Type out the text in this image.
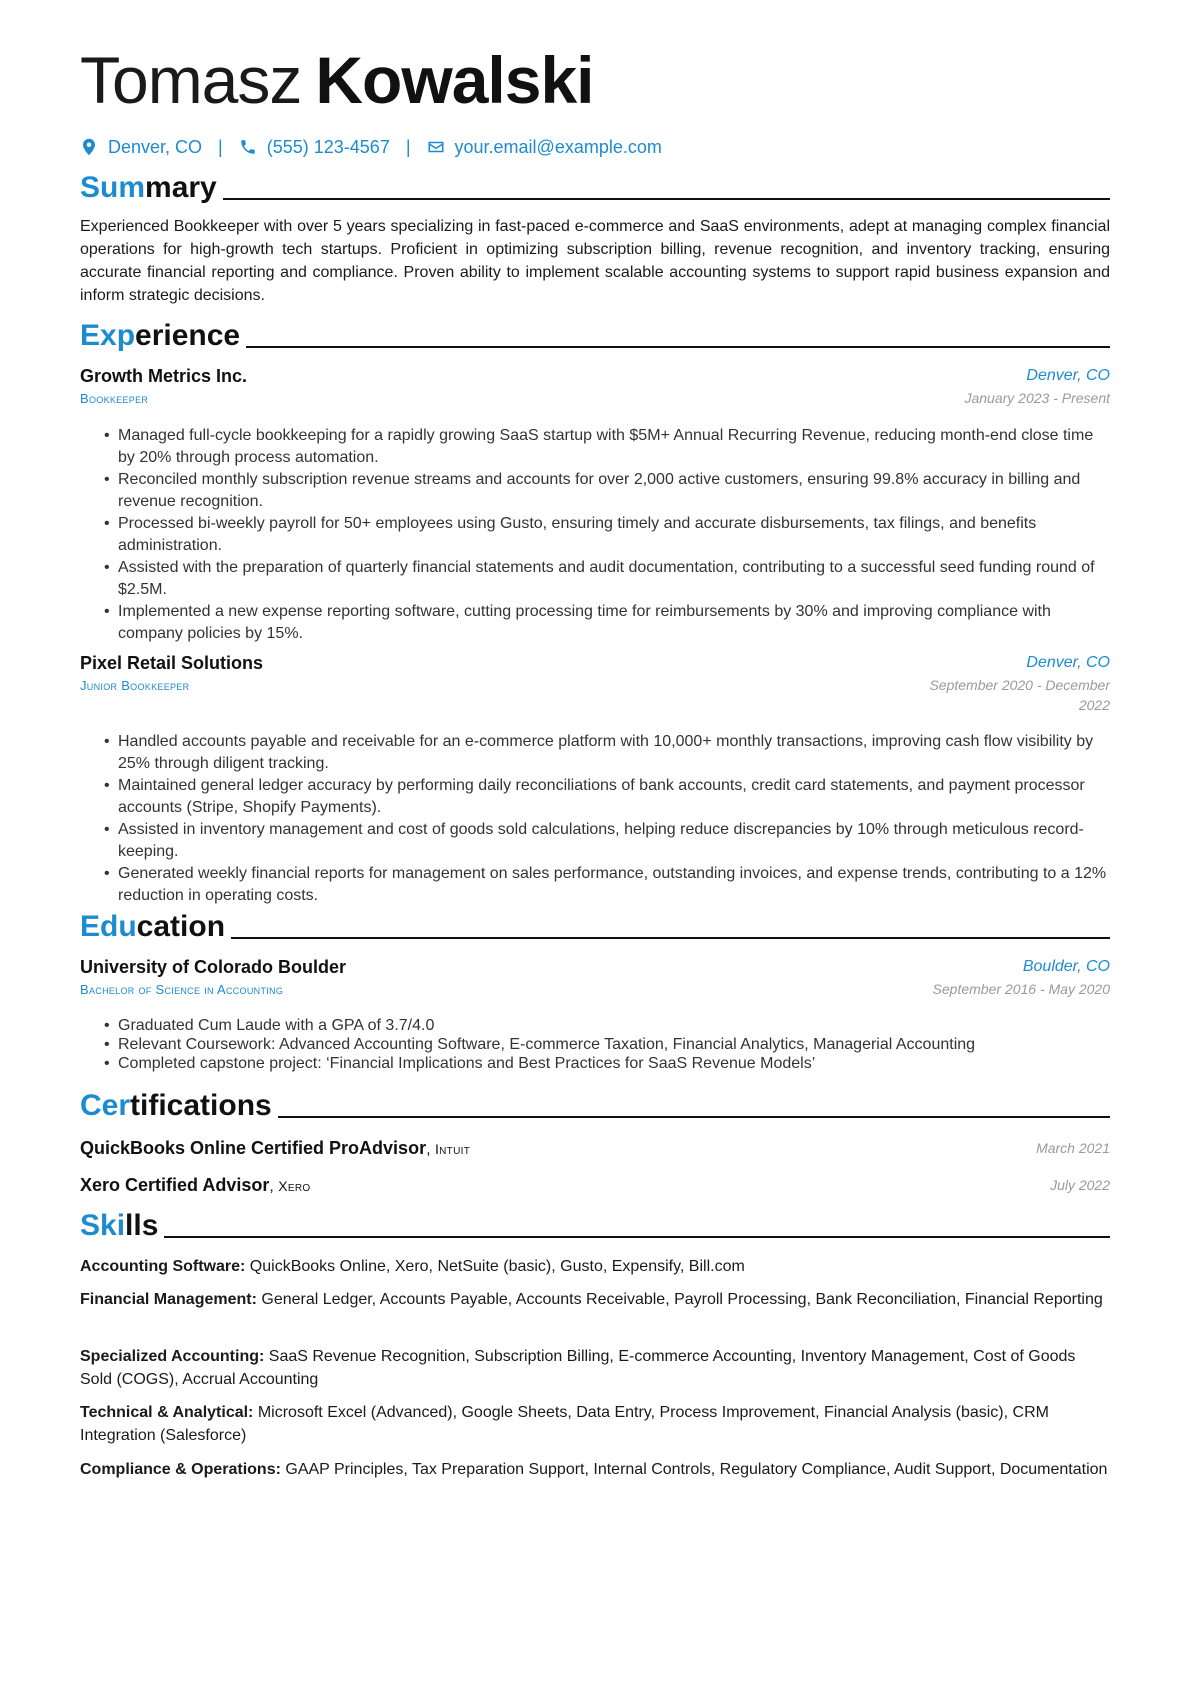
Tomasz Kowalski
Denver, CO | (555) 123-4567 | your.email@example.com
Summary

Experienced Bookkeeper with over 5 years specializing in fast-paced e-commerce and SaaS environments, adept at managing complex financial operations for high-growth tech startups. Proficient in optimizing subscription billing, revenue recognition, and inventory tracking, ensuring accurate financial reporting and compliance. Proven ability to implement scalable accounting systems to support rapid business expansion and inform strategic decisions.

Experience
Growth Metrics Inc.
Bookkeeper
Denver, CO
January 2023 - Present
• Managed full-cycle bookkeeping for a rapidly growing SaaS startup with $5M+ Annual Recurring Revenue, reducing month-end close time by 20% through process automation.
• Reconciled monthly subscription revenue streams and accounts for over 2,000 active customers, ensuring 99.8% accuracy in billing and revenue recognition.
• Processed bi-weekly payroll for 50+ employees using Gusto, ensuring timely and accurate disbursements, tax filings, and benefits administration.
• Assisted with the preparation of quarterly financial statements and audit documentation, contributing to a successful seed funding round of $2.5M.
• Implemented a new expense reporting software, cutting processing time for reimbursements by 30% and improving compliance with company policies by 15%.
Pixel Retail Solutions
Junior Bookkeeper
Denver, CO
September 2020 - December 2022
• Handled accounts payable and receivable for an e-commerce platform with 10,000+ monthly transactions, improving cash flow visibility by 25% through diligent tracking.
• Maintained general ledger accuracy by performing daily reconciliations of bank accounts, credit card statements, and payment processor accounts (Stripe, Shopify Payments).
• Assisted in inventory management and cost of goods sold calculations, helping reduce discrepancies by 10% through meticulous record-keeping.
• Generated weekly financial reports for management on sales performance, outstanding invoices, and expense trends, contributing to a 12% reduction in operating costs.
Education
University of Colorado Boulder
Bachelor of Science in Accounting
Boulder, CO
September 2016 - May 2020
• Graduated Cum Laude with a GPA of 3.7/4.0
• Relevant Coursework: Advanced Accounting Software, E-commerce Taxation, Financial Analytics, Managerial Accounting
• Completed capstone project: ‘Financial Implications and Best Practices for SaaS Revenue Models’
Certifications
QuickBooks Online Certified ProAdvisor, Intuit	March 2021
Xero Certified Advisor, Xero	July 2022
Skills

Accounting Software: QuickBooks Online, Xero, NetSuite (basic), Gusto, Expensify, Bill.com

Financial Management: General Ledger, Accounts Payable, Accounts Receivable, Payroll Processing, Bank Reconciliation, Financial Reporting

Specialized Accounting: SaaS Revenue Recognition, Subscription Billing, E-commerce Accounting, Inventory Management, Cost of Goods Sold (COGS), Accrual Accounting

Technical & Analytical: Microsoft Excel (Advanced), Google Sheets, Data Entry, Process Improvement, Financial Analysis (basic), CRM Integration (Salesforce)

Compliance & Operations: GAAP Principles, Tax Preparation Support, Internal Controls, Regulatory Compliance, Audit Support, Documentation
